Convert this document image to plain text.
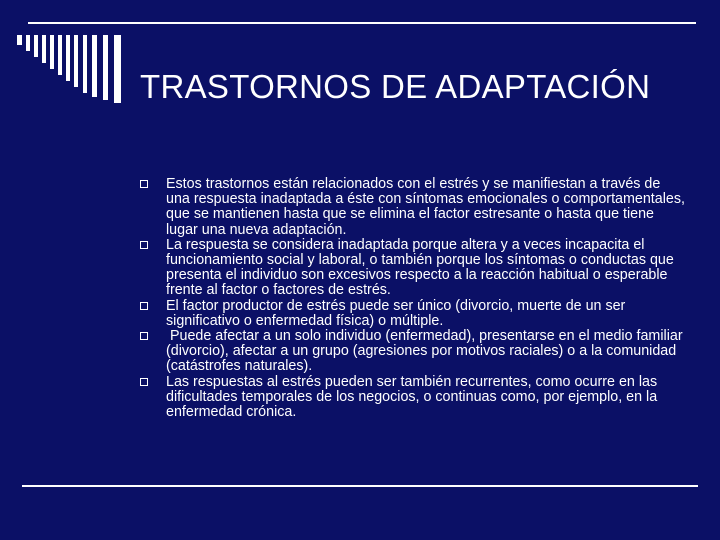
TRASTORNOS DE ADAPTACIÓN
Estos trastornos están relacionados con el estrés y se manifiestan a través de una respuesta inadaptada a éste con síntomas emocionales o comportamentales, que se mantienen hasta que se elimina el factor estresante o hasta que tiene lugar una nueva adaptación.
La respuesta se considera inadaptada porque altera y a veces incapacita el funcionamiento social y laboral, o también porque los síntomas o conductas que presenta el individuo son excesivos respecto a la reacción habitual o esperable frente al factor o factores de estrés.
El factor productor de estrés puede ser único (divorcio, muerte de un ser significativo o enfermedad física) o múltiple.
Puede afectar a un solo individuo (enfermedad), presentarse en el medio familiar (divorcio), afectar a un grupo (agresiones por motivos raciales) o a la comunidad (catástrofes naturales).
Las respuestas al estrés pueden ser también recurrentes, como ocurre en las dificultades temporales de los negocios, o continuas como, por ejemplo, en la enfermedad crónica.
